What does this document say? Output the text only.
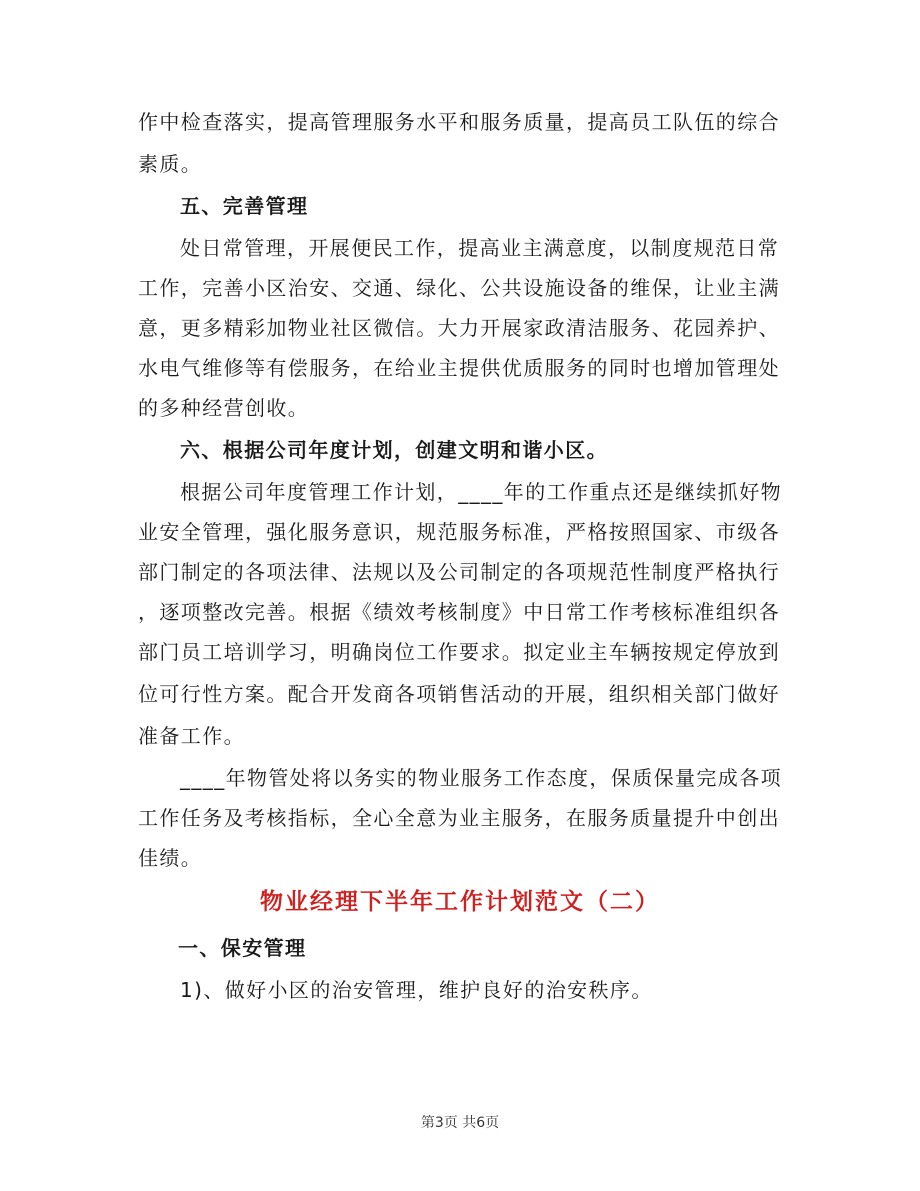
作中检查落实，提高管理服务水平和服务质量，提高员工队伍的综合
素质。
五、完善管理
处日常管理，开展便民工作，提高业主满意度，以制度规范日常
工作，完善小区治安、交通、绿化、公共设施设备的维保，让业主满
意，更多精彩加物业社区微信。大力开展家政清洁服务、花园养护、
水电气维修等有偿服务，在给业主提供优质服务的同时也增加管理处
的多种经营创收。
六、根据公司年度计划，创建文明和谐小区。
根据公司年度管理工作计划，____年的工作重点还是继续抓好物
业安全管理，强化服务意识，规范服务标准，严格按照国家、市级各
部门制定的各项法律、法规以及公司制定的各项规范性制度严格执行
，逐项整改完善。根据《绩效考核制度》中日常工作考核标准组织各
部门员工培训学习，明确岗位工作要求。拟定业主车辆按规定停放到
位可行性方案。配合开发商各项销售活动的开展，组织相关部门做好
准备工作。
____年物管处将以务实的物业服务工作态度，保质保量完成各项
工作任务及考核指标，全心全意为业主服务，在服务质量提升中创出
佳绩。
物业经理下半年工作计划范文（二）
一、保安管理
1)、做好小区的治安管理，维护良好的治安秩序。
第3页 共6页
